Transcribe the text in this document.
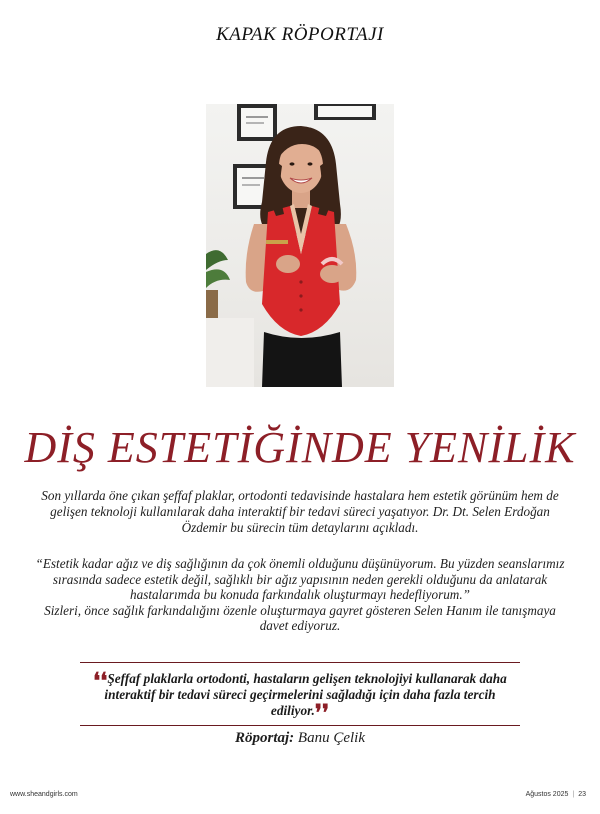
KAPAK RÖPORTAJI
DİŞ ESTETİĞİNDE YENİLİK
Son yıllarda öne çıkan şeffaf plaklar, ortodonti tedavisinde hastalara hem estetik görünüm hem de gelişen teknoloji kullanılarak daha interaktif bir tedavi süreci yaşatıyor. Dr. Dt. Selen Erdoğan Özdemir bu sürecin tüm detaylarını açıkladı.
“Estetik kadar ağız ve diş sağlığının da çok önemli olduğunu düşünüyorum. Bu yüzden seanslarımız sırasında sadece estetik değil, sağlıklı bir ağız yapısının neden gerekli olduğunu da anlatarak hastalarımda bu konuda farkındalık oluşturmayı hedefliyorum.”
Sizleri, önce sağlık farkındalığını özenle oluşturmaya gayret gösteren Selen Hanım ile tanışmaya davet ediyoruz.
❛❛Şeffaf plaklarla ortodonti, hastaların gelişen teknolojiyi kullanarak daha interaktif bir tedavi süreci geçirmelerini sağladığı için daha fazla tercih ediliyor.❜❜
Röportaj: Banu Çelik
www.sheandgirls.com	Ağustos 2025 | 23
